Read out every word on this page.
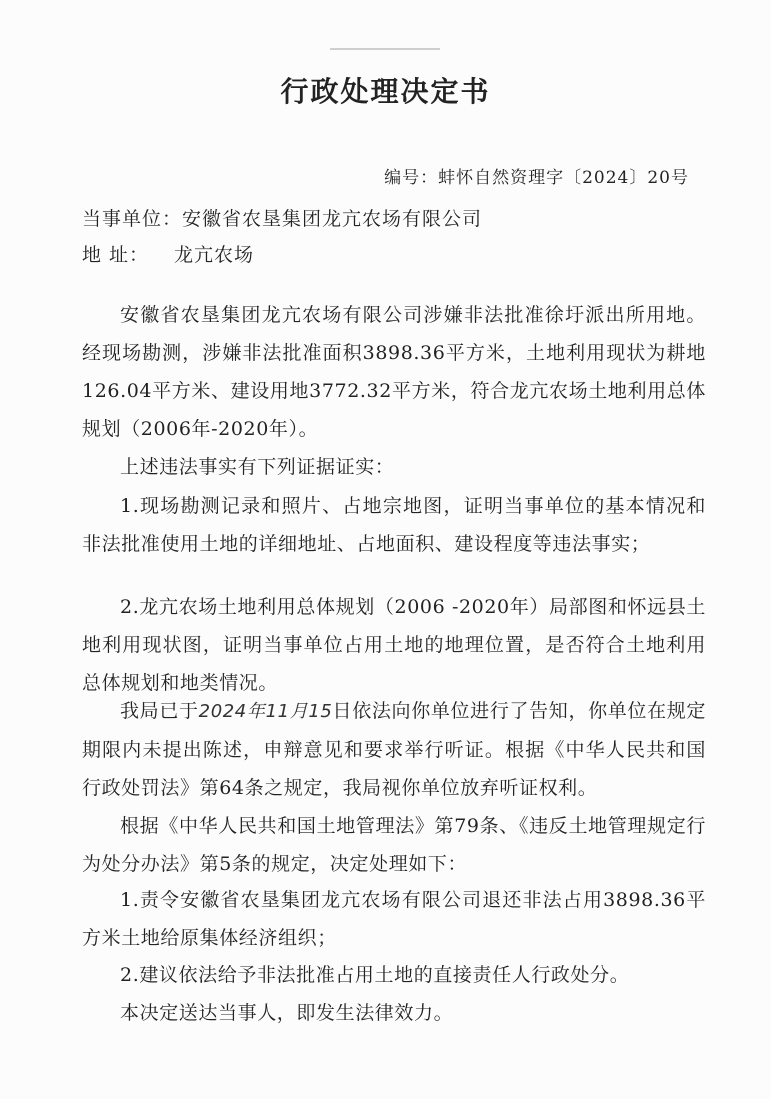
行政处理决定书
编号：蚌怀自然资理字〔2024〕20号
当事单位：安徽省农垦集团龙亢农场有限公司
地 址： 龙亢农场

安徽省农垦集团龙亢农场有限公司涉嫌非法批准徐圩派出所用地。经现场勘测，涉嫌非法批准面积3898.36平方米，土地利用现状为耕地126.04平方米、建设用地3772.32平方米，符合龙亢农场土地利用总体规划（2006年-2020年）。

上述违法事实有下列证据证实：

1.现场勘测记录和照片、占地宗地图，证明当事单位的基本情况和非法批准使用土地的详细地址、占地面积、建设程度等违法事实；

2.龙亢农场土地利用总体规划（2006 -2020年）局部图和怀远县土地利用现状图，证明当事单位占用土地的地理位置，是否符合土地利用总体规划和地类情况。

我局已于2024年11月15日依法向你单位进行了告知，你单位在规定期限内未提出陈述，申辩意见和要求举行听证。根据《中华人民共和国行政处罚法》第64条之规定，我局视你单位放弃听证权利。

根据《中华人民共和国土地管理法》第79条、《违反土地管理规定行为处分办法》第5条的规定，决定处理如下：

1.责令安徽省农垦集团龙亢农场有限公司退还非法占用3898.36平方米土地给原集体经济组织；

2.建议依法给予非法批准占用土地的直接责任人行政处分。

本决定送达当事人，即发生法律效力。
